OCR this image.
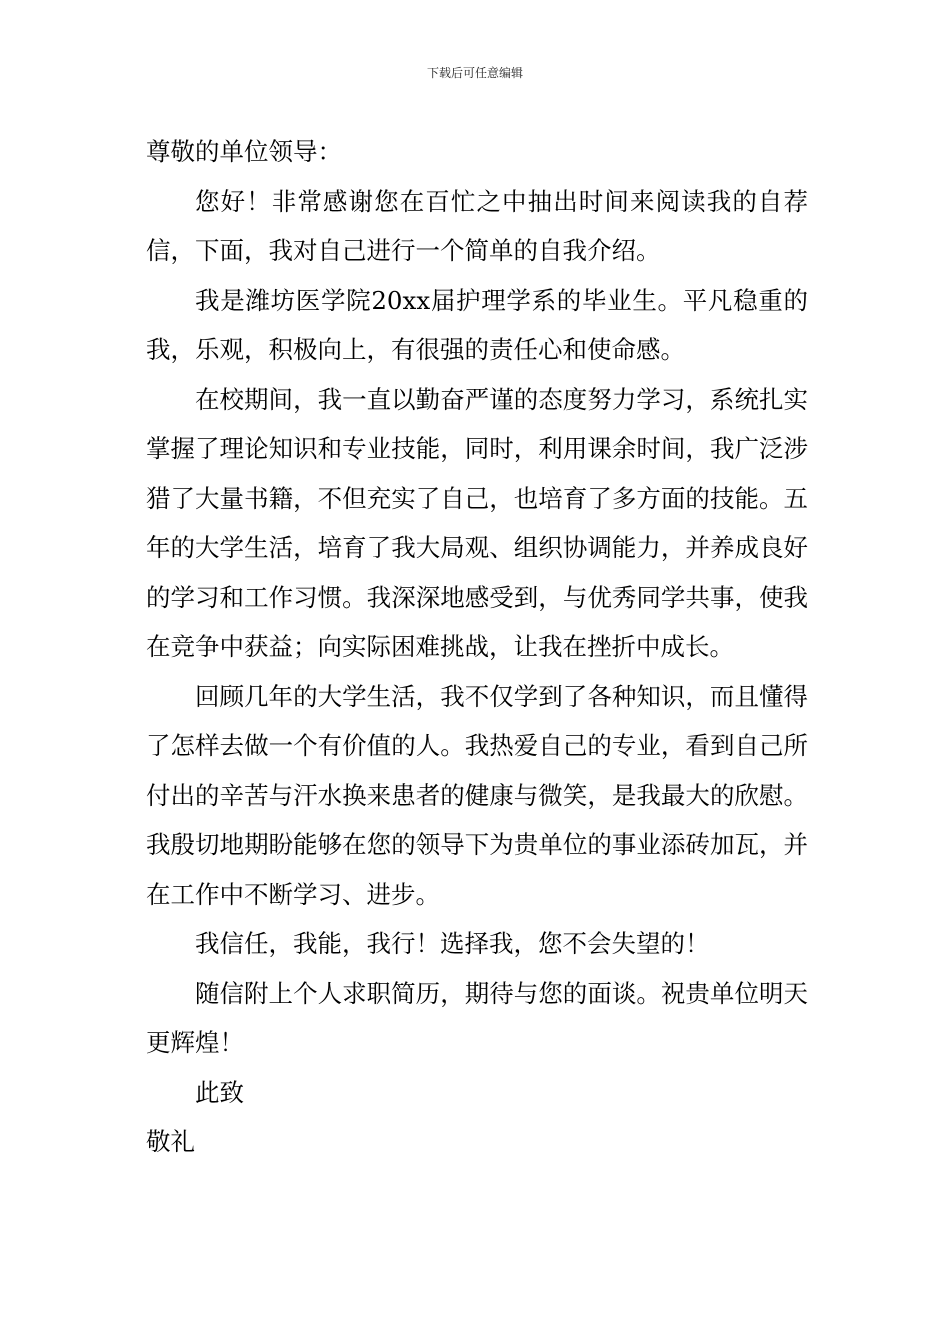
下载后可任意编辑

尊敬的单位领导：

您好！非常感谢您在百忙之中抽出时间来阅读我的自荐信，下面，我对自己进行一个简单的自我介绍。

我是潍坊医学院20xx届护理学系的毕业生。平凡稳重的我，乐观，积极向上，有很强的责任心和使命感。

在校期间，我一直以勤奋严谨的态度努力学习，系统扎实掌握了理论知识和专业技能，同时，利用课余时间，我广泛涉猎了大量书籍，不但充实了自己，也培育了多方面的技能。五年的大学生活，培育了我大局观、组织协调能力，并养成良好的学习和工作习惯。我深深地感受到，与优秀同学共事，使我在竞争中获益；向实际困难挑战，让我在挫折中成长。

回顾几年的大学生活，我不仅学到了各种知识，而且懂得了怎样去做一个有价值的人。我热爱自己的专业，看到自己所付出的辛苦与汗水换来患者的健康与微笑，是我最大的欣慰。我殷切地期盼能够在您的领导下为贵单位的事业添砖加瓦，并在工作中不断学习、进步。

我信任，我能，我行！选择我，您不会失望的！

随信附上个人求职简历，期待与您的面谈。祝贵单位明天更辉煌！

此致

敬礼
